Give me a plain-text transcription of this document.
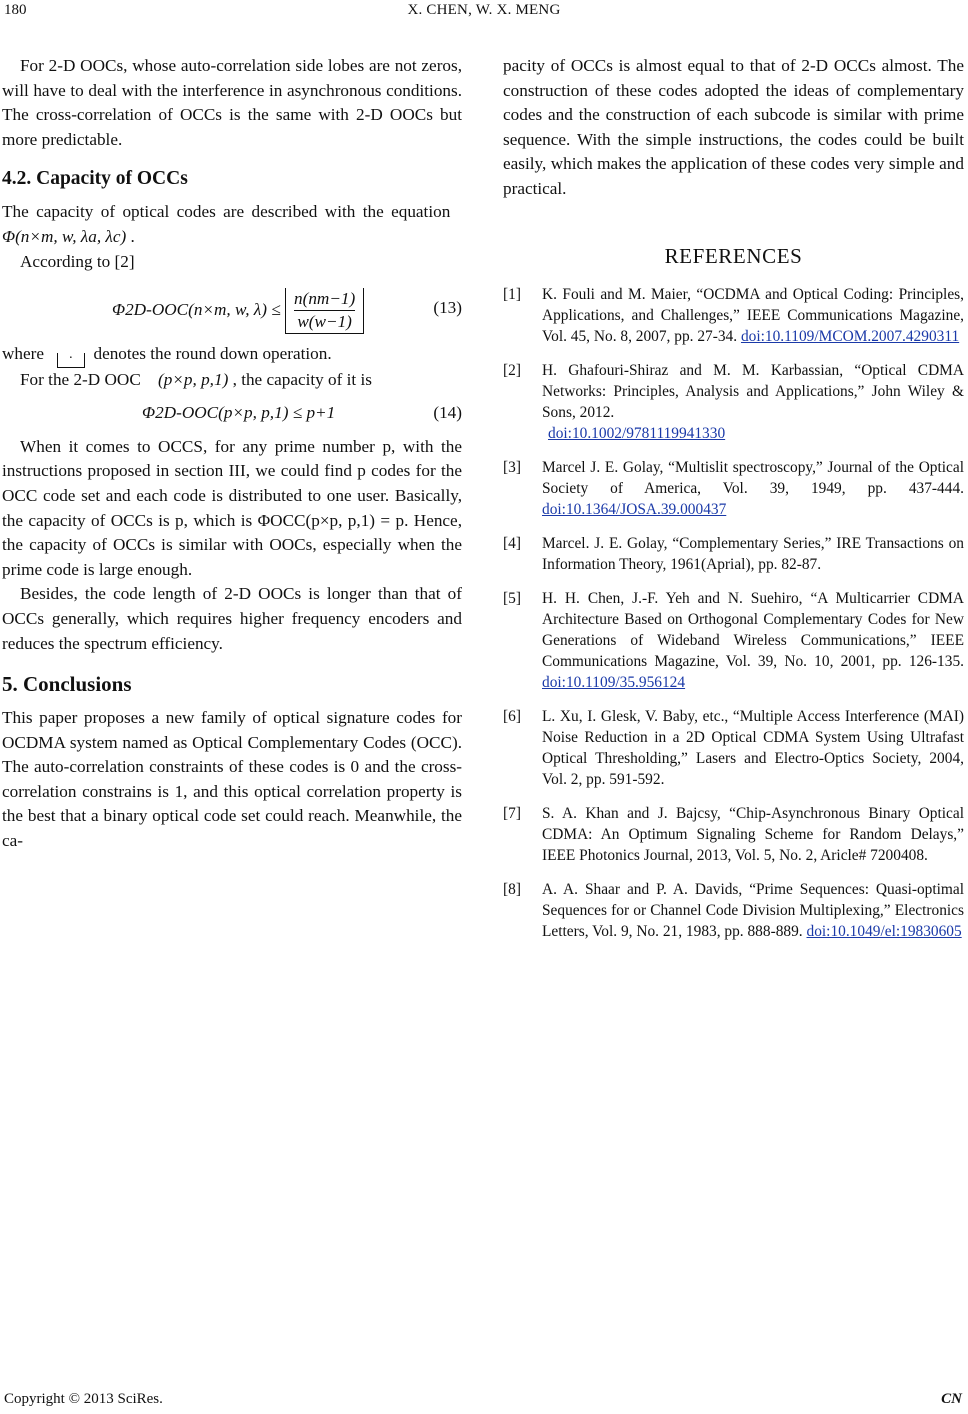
180	X. CHEN, W. X. MENG

For 2-D OOCs, whose auto-correlation side lobes are not zeros, will have to deal with the interference in asynchronous conditions. The cross-correlation of OCCs is the same with 2-D OOCs but more predictable.

4.2. Capacity of OCCs

The capacity of optical codes are described with the equation   Φ(n×m, w, λa, λc) .

According to [2]

Φ2D-OOC(n×m, w, $\lambda) \le \frac{n(nm-1)}{w(w-1)}$	(13)

where · denotes the round down operation.

For the 2-D OOC (p×p, p,1) , the capacity of it is

Φ2D-OOC(p×p, p,1) ≤ p+1	(14)

When it comes to OCCS, for any prime number p, with the instructions proposed in section III, we could find p codes for the OCC code set and each code is distributed to one user. Basically, the capacity of OCCs is p, which is ΦOCC(p×p, p,1) = p. Hence, the capacity of OCCs is similar with OOCs, especially when the prime code is large enough.

Besides, the code length of 2-D OOCs is longer than that of OCCs generally, which requires higher frequency encoders and reduces the spectrum efficiency.

5. Conclusions

This paper proposes a new family of optical signature codes for OCDMA system named as Optical Complementary Codes (OCC). The auto-correlation constraints of these codes is 0 and the cross-correlation constrains is 1, and this optical correlation property is the best that a binary optical code set could reach. Meanwhile, the ca-

pacity of OCCs is almost equal to that of 2-D OCCs almost. The construction of these codes adopted the ideas of complementary codes and the construction of each subcode is similar with prime sequence. With the simple instructions, the codes could be built easily, which makes the application of these codes very simple and practical.

REFERENCES
[1] K. Fouli and M. Maier, “OCDMA and Optical Coding: Principles, Applications, and Challenges,” IEEE Communications Magazine, Vol. 45, No. 8, 2007, pp. 27-34. doi:10.1109/MCOM.2007.4290311
[2] H. Ghafouri-Shiraz and M. M. Karbassian, “Optical CDMA Networks: Principles, Analysis and Applications,” John Wiley & Sons, 2012.
doi:10.1002/9781119941330
[3] Marcel J. E. Golay, “Multislit spectroscopy,” Journal of the Optical Society of America, Vol. 39, 1949, pp. 437-444. doi:10.1364/JOSA.39.000437
[4] Marcel. J. E. Golay, “Complementary Series,” IRE Transactions on Information Theory, 1961(Aprial), pp. 82-87.
[5] H. H. Chen, J.-F. Yeh and N. Suehiro, “A Multicarrier CDMA Architecture Based on Orthogonal Complementary Codes for New Generations of Wideband Wireless Communications,” IEEE Communications Magazine, Vol. 39, No. 10, 2001, pp. 126-135. doi:10.1109/35.956124
[6] L. Xu, I. Glesk, V. Baby, etc., “Multiple Access Interference (MAI) Noise Reduction in a 2D Optical CDMA System Using Ultrafast Optical Thresholding,” Lasers and Electro-Optics Society, 2004, Vol. 2, pp. 591-592.
[7] S. A. Khan and J. Bajcsy, “Chip-Asynchronous Binary Optical CDMA: An Optimum Signaling Scheme for Random Delays,” IEEE Photonics Journal, 2013, Vol. 5, No. 2, Aricle# 7200408.
[8] A. A. Shaar and P. A. Davids, “Prime Sequences: Quasi-optimal Sequences for or Channel Code Division Multiplexing,” Electronics Letters, Vol. 9, No. 21, 1983, pp. 888-889. doi:10.1049/el:19830605
Copyright © 2013 SciRes.	CN
